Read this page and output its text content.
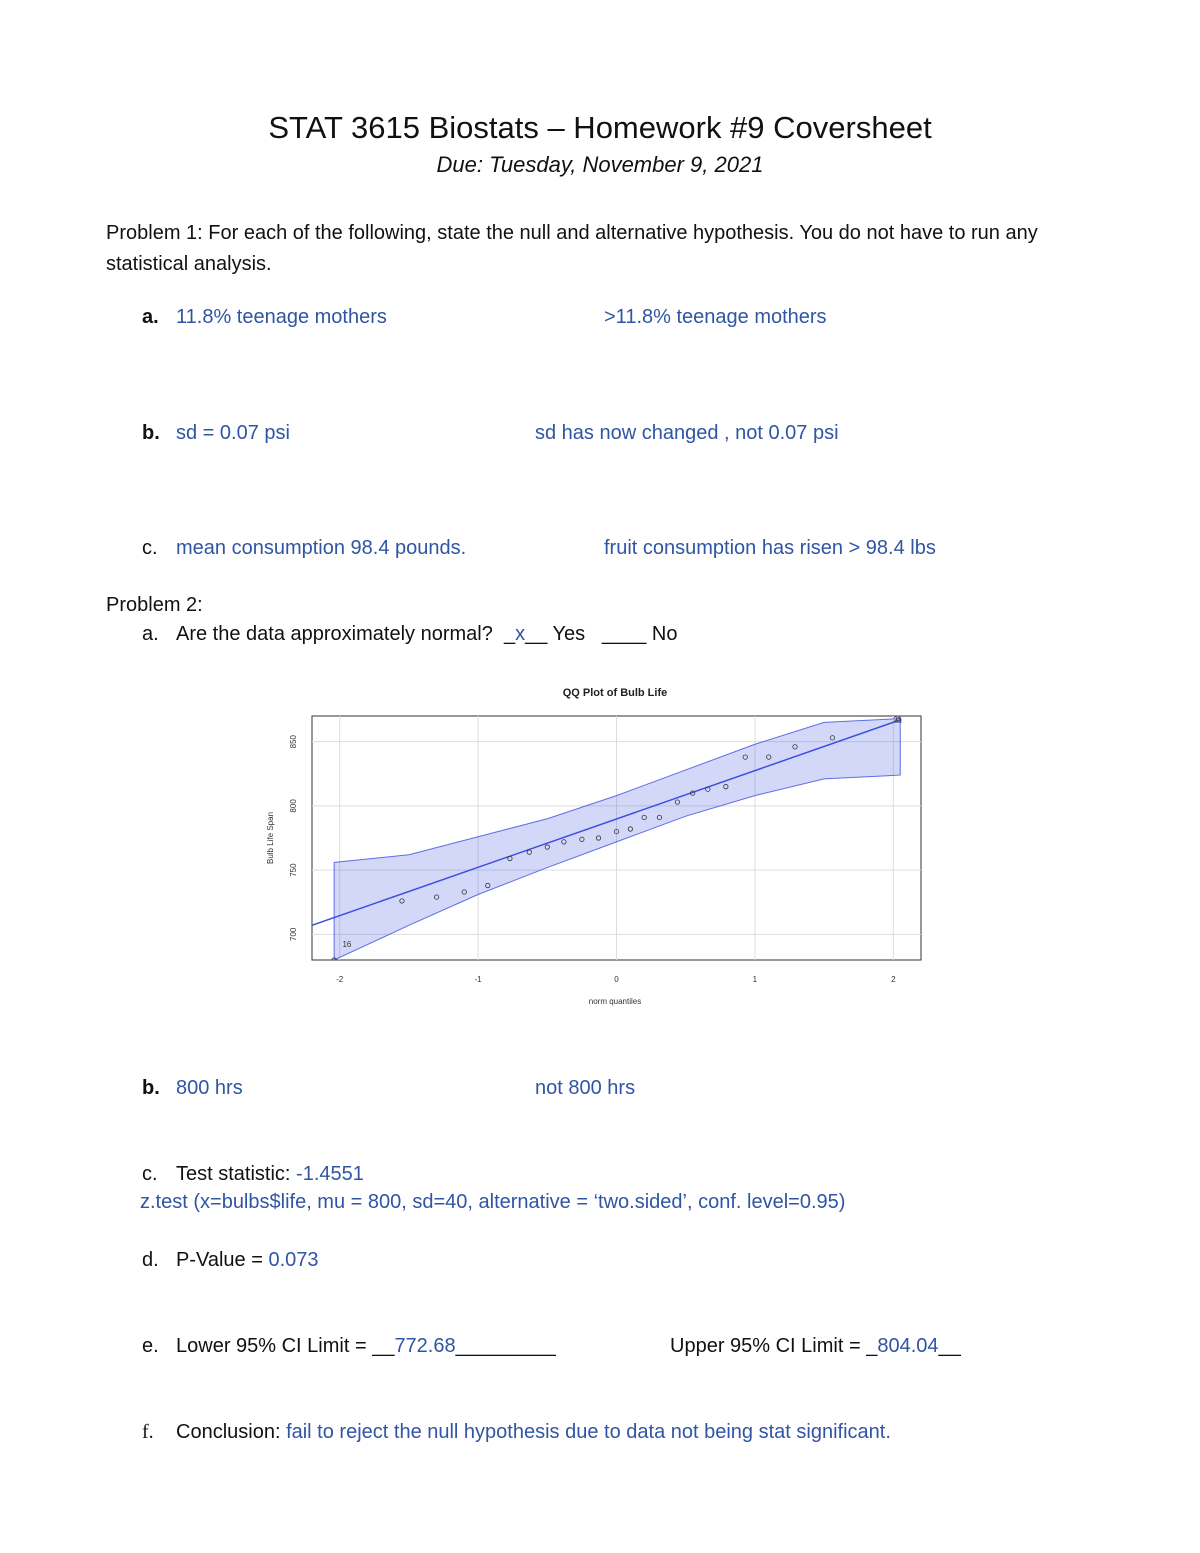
STAT 3615 Biostats – Homework #9 Coversheet
Due: Tuesday, November 9, 2021
Problem 1: For each of the following, state the null and alternative hypothesis. You do not have to run any statistical analysis.
a. 11.8% teenage mothers	>11.8% teenage mothers
b. sd = 0.07 psi	sd has now changed , not 0.07 psi
c. mean consumption 98.4 pounds.	fruit consumption has risen > 98.4 lbs
Problem 2:
a. Are the data approximately normal? _x__ Yes ____ No
QQ Plot of Bulb Life
16
21
-2	-1	0	1	2
700
750
800
850
norm quantiles
Bulb Life Span
b. 800 hrs	not 800 hrs
c. Test statistic: -1.4551
z.test (x=bulbs$life, mu = 800, sd=40, alternative = ‘two.sided’, conf. level=0.95)
d. P-Value = 0.073
e. Lower 95% CI Limit = __772.68_________	Upper 95% CI Limit = _804.04__
f. Conclusion: fail to reject the null hypothesis due to data not being stat significant.
